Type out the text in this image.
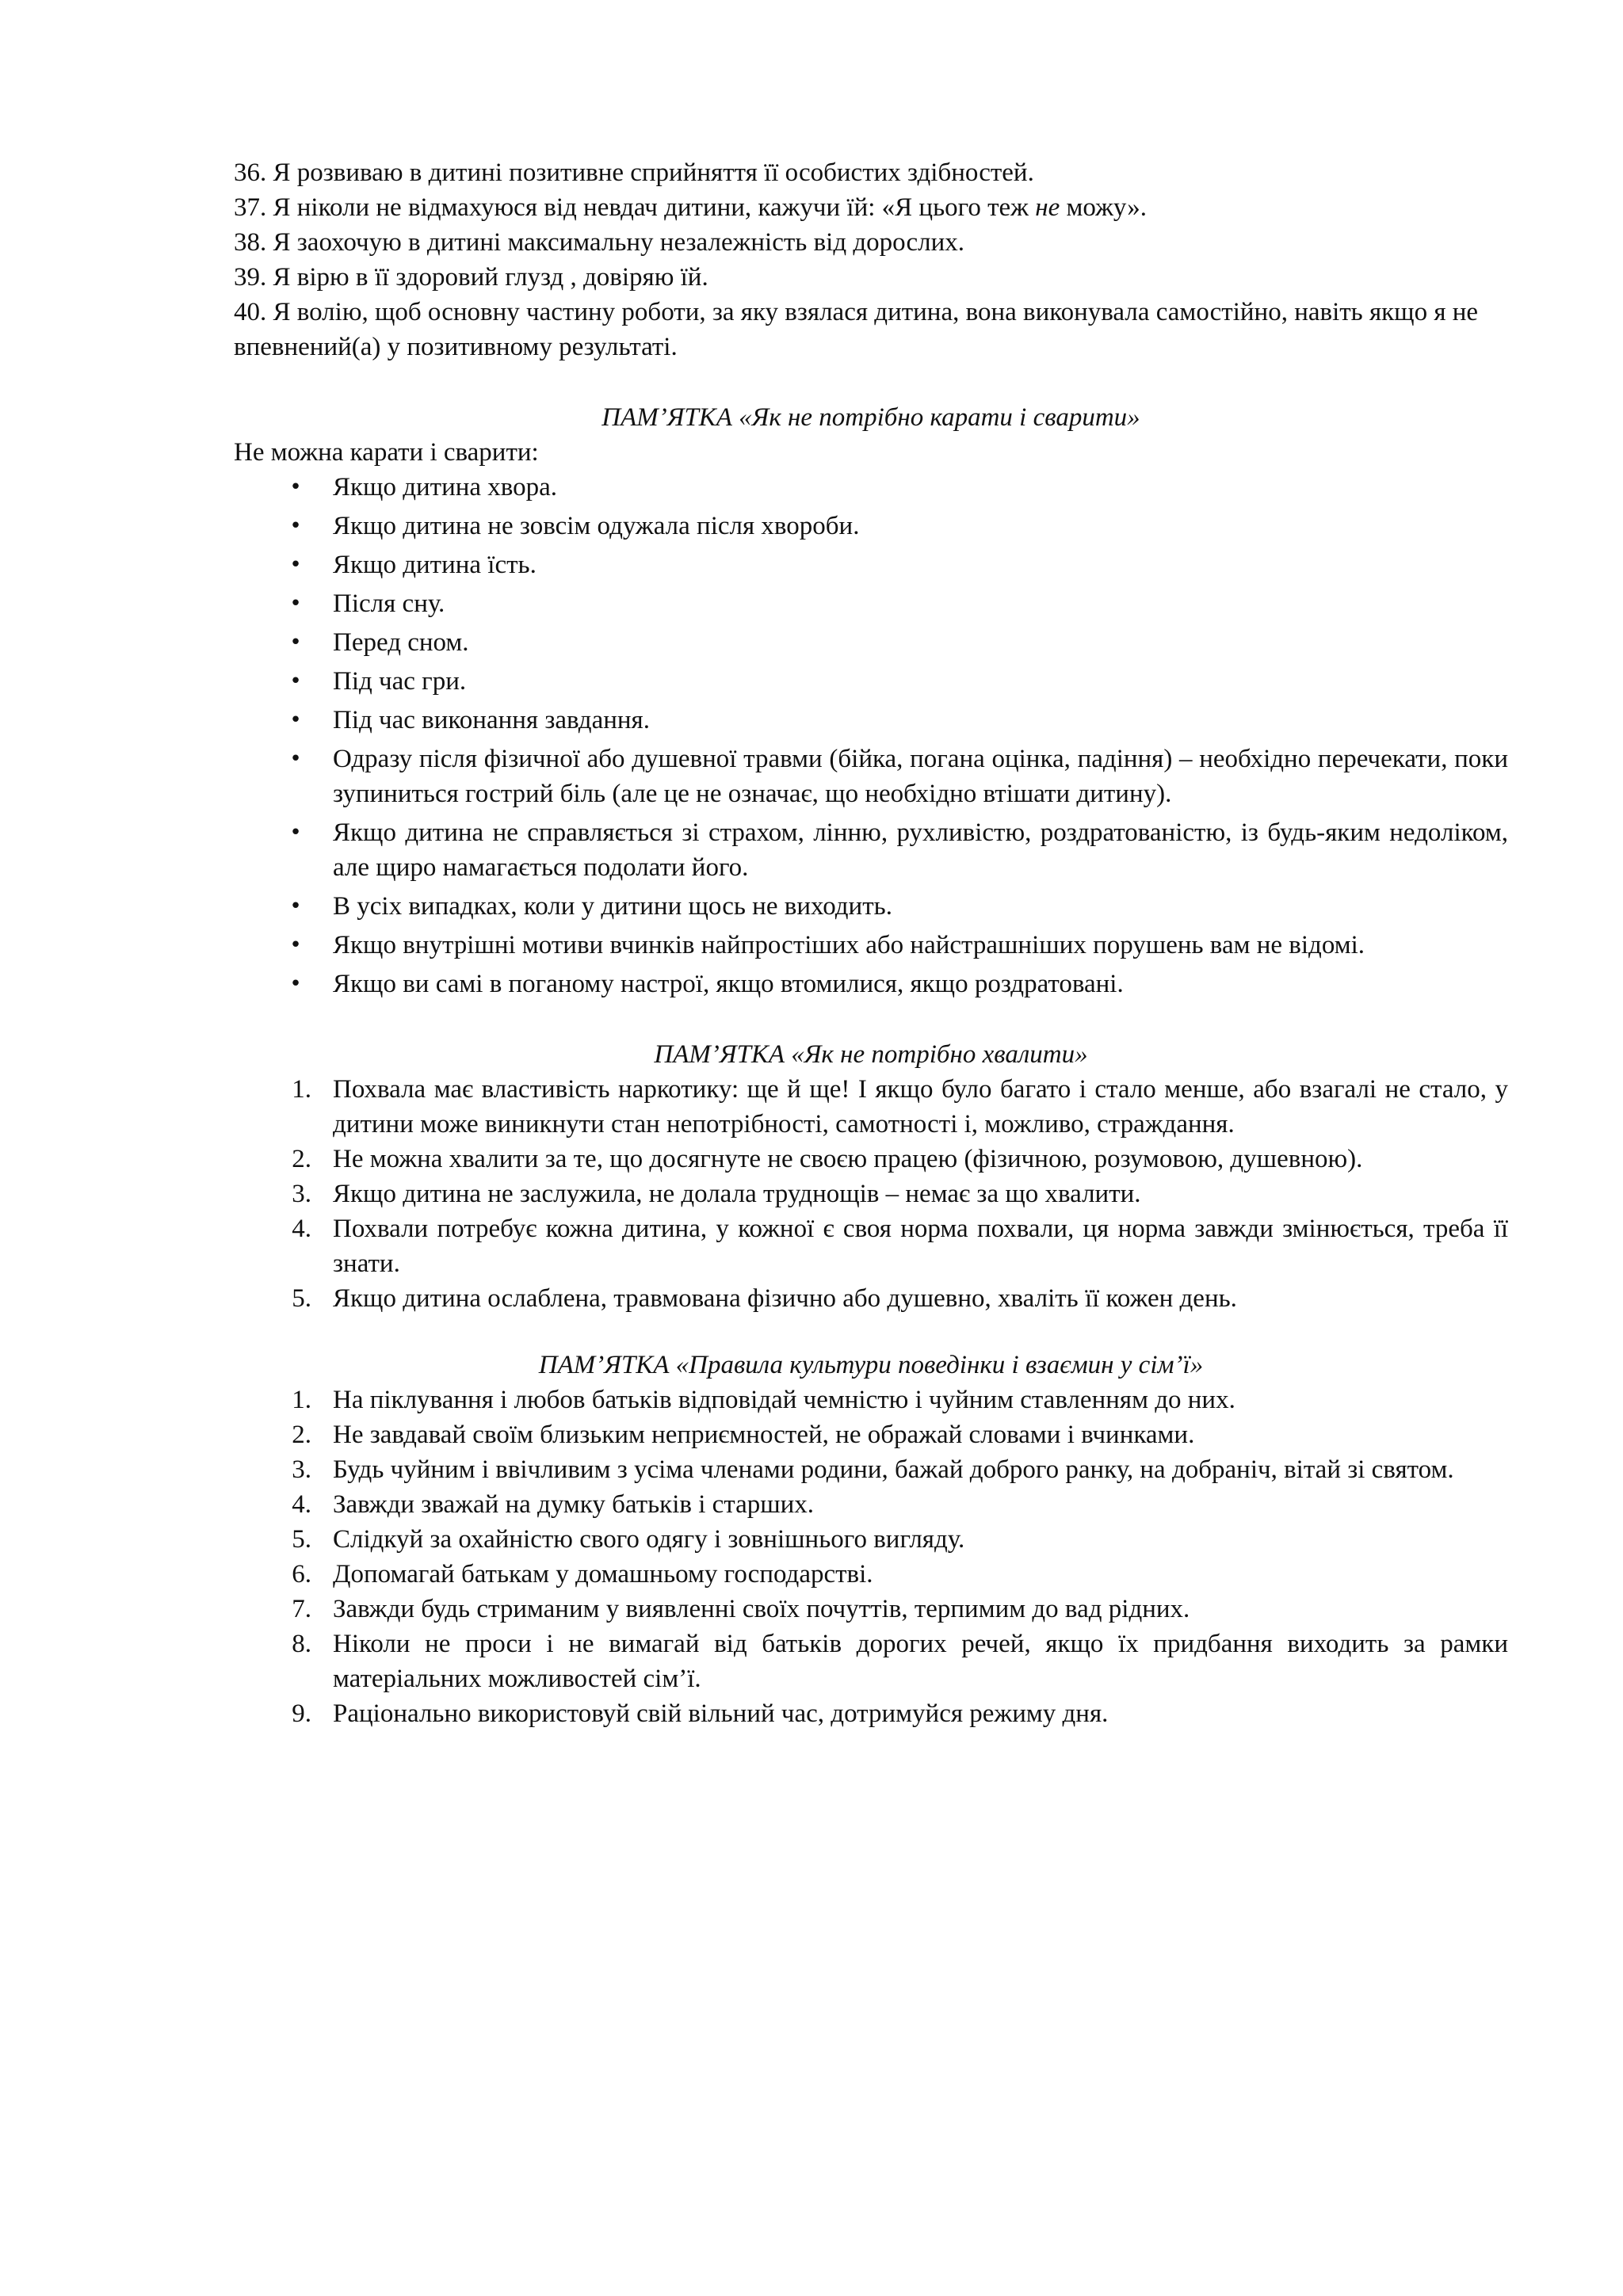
36. Я розвиваю в дитині позитивне сприйняття її особистих здібностей.

37. Я ніколи не відмахуюся від невдач дитини, кажучи їй: «Я цього теж не можу».

38. Я заохочую в дитині максимальну незалежність від дорослих.

39. Я вірю в її здоровий глузд , довіряю їй.

40. Я волію, щоб основну частину роботи, за яку взялася дитина, вона виконувала самостійно, навіть якщо я не впевнений(а) у позитивному результаті.

ПАМ’ЯТКА «Як не потрібно карати і сварити»

Не можна карати і сварити:

• Якщо дитина хвора.
• Якщо дитина не зовсім одужала після хвороби.
• Якщо дитина їсть.
• Після сну.
• Перед сном.
• Під час гри.
• Під час виконання завдання.
• Одразу після фізичної або душевної травми (бійка, погана оцінка, падіння) – необхідно перечекати, поки зупиниться гострий біль (але це не означає, що необхідно втішати дитину).
• Якщо дитина не справляється зі страхом, лінню, рухливістю, роздратованістю, із будь-яким недоліком, але щиро намагається подолати його.
• В усіх випадках, коли у дитини щось не виходить.
• Якщо внутрішні мотиви вчинків найпростіших або найстрашніших порушень вам не відомі.
• Якщо ви самі в поганому настрої, якщо втомилися, якщо роздратовані.
ПАМ’ЯТКА «Як не потрібно хвалити»
1. Похвала має властивість наркотику: ще й ще! І якщо було багато і стало менше, або взагалі не стало, у дитини може виникнути стан непотрібності, самотності і, можливо, страждання.
2. Не можна хвалити за те, що досягнуте не своєю працею (фізичною, розумовою, душевною).
3. Якщо дитина не заслужила, не долала труднощів – немає за що хвалити.
4. Похвали потребує кожна дитина, у кожної є своя норма похвали, ця норма завжди змінюється, треба її знати.
5. Якщо дитина ослаблена, травмована фізично або душевно, хваліть її кожен день.
ПАМ’ЯТКА «Правила культури поведінки і взаємин у сім’ї»
1. На піклування і любов батьків відповідай чемністю і чуйним ставленням до них.
2. Не завдавай своїм близьким неприємностей, не ображай словами і вчинками.
3. Будь чуйним і ввічливим з усіма членами родини, бажай доброго ранку, на добраніч, вітай зі святом.
4. Завжди зважай на думку батьків і старших.
5. Слідкуй за охайністю свого одягу і зовнішнього вигляду.
6. Допомагай батькам у домашньому господарстві.
7. Завжди будь стриманим у виявленні своїх почуттів, терпимим до вад рідних.
8. Ніколи не проси і не вимагай від батьків дорогих речей, якщо їх придбання виходить за рамки матеріальних можливостей сім’ї.
9. Раціонально використовуй свій вільний час, дотримуйся режиму дня.
